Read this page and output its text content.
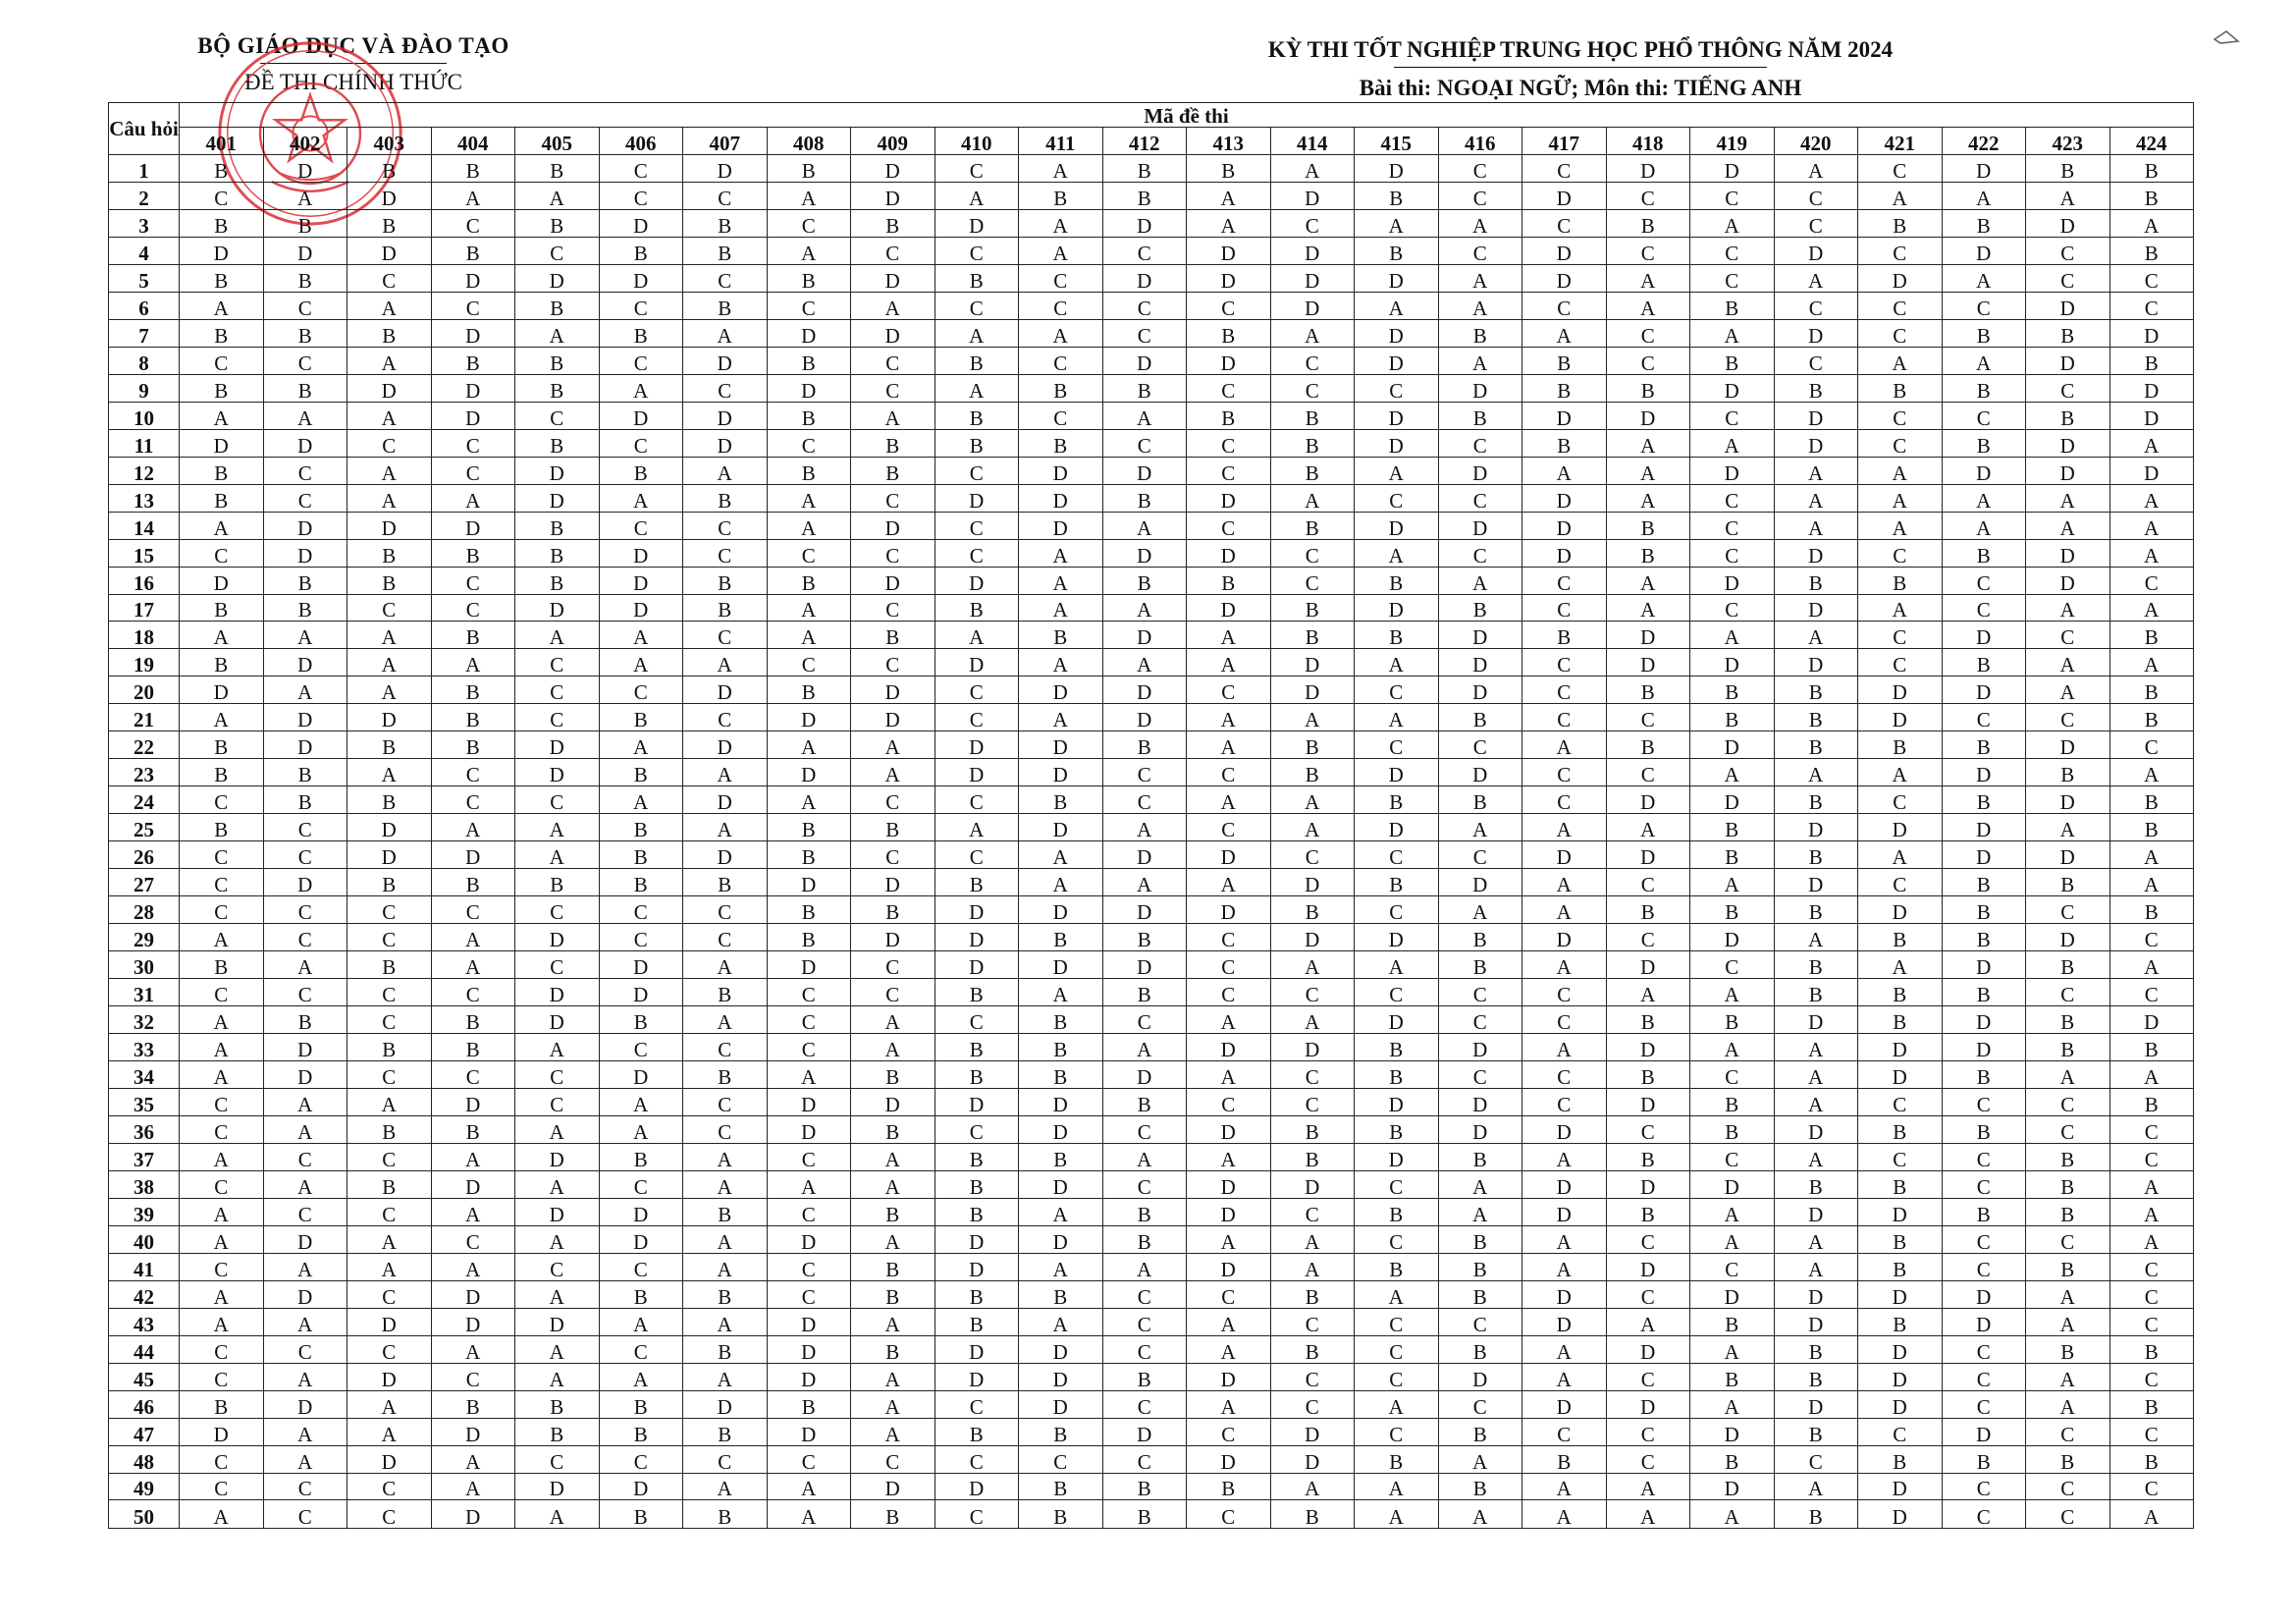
BỘ GIÁO DỤC VÀ ĐÀO TẠO
ĐỀ THI CHÍNH THỨC
KỲ THI TỐT NGHIỆP TRUNG HỌC PHỔ THÔNG NĂM 2024
Bài thi: NGOẠI NGỮ; Môn thi: TIẾNG ANH
Câu hỏi	Mã đề thi																							
	401	402	403	404	405	406	407	408	409	410	411	412	413	414	415	416	417	418	419	420	421	422	423	424
1	B	D	B	B	B	C	D	B	D	C	A	B	B	A	D	C	C	D	D	A	C	D	B	B
2	C	A	D	A	A	C	C	A	D	A	B	B	A	D	B	C	D	C	C	C	A	A	A	B
3	B	B	B	C	B	D	B	C	B	D	A	D	A	C	A	A	C	B	A	C	B	B	D	A
4	D	D	D	B	C	B	B	A	C	C	A	C	D	D	B	C	D	C	C	D	C	D	C	B
5	B	B	C	D	D	D	C	B	D	B	C	D	D	D	D	A	D	A	C	A	D	A	C	C
6	A	C	A	C	B	C	B	C	A	C	C	C	C	D	A	A	C	A	B	C	C	C	D	C
7	B	B	B	D	A	B	A	D	D	A	A	C	B	A	D	B	A	C	A	D	C	B	B	D
8	C	C	A	B	B	C	D	B	C	B	C	D	D	C	D	A	B	C	B	C	A	A	D	B
9	B	B	D	D	B	A	C	D	C	A	B	B	C	C	C	D	B	B	D	B	B	B	C	D
10	A	A	A	D	C	D	D	B	A	B	C	A	B	B	D	B	D	D	C	D	C	C	B	D
11	D	D	C	C	B	C	D	C	B	B	B	C	C	B	D	C	B	A	A	D	C	B	D	A
12	B	C	A	C	D	B	A	B	B	C	D	D	C	B	A	D	A	A	D	A	A	D	D	D
13	B	C	A	A	D	A	B	A	C	D	D	B	D	A	C	C	D	A	C	A	A	A	A	A
14	A	D	D	D	B	C	C	A	D	C	D	A	C	B	D	D	D	B	C	A	A	A	A	A
15	C	D	B	B	B	D	C	C	C	C	A	D	D	C	A	C	D	B	C	D	C	B	D	A
16	D	B	B	C	B	D	B	B	D	D	A	B	B	C	B	A	C	A	D	B	B	C	D	C
17	B	B	C	C	D	D	B	A	C	B	A	A	D	B	D	B	C	A	C	D	A	C	A	A
18	A	A	A	B	A	A	C	A	B	A	B	D	A	B	B	D	B	D	A	A	C	D	C	B
19	B	D	A	A	C	A	A	C	C	D	A	A	A	D	A	D	C	D	D	D	C	B	A	A
20	D	A	A	B	C	C	D	B	D	C	D	D	C	D	C	D	C	B	B	B	D	D	A	B
21	A	D	D	B	C	B	C	D	D	C	A	D	A	A	A	B	C	C	B	B	D	C	C	B
22	B	D	B	B	D	A	D	A	A	D	D	B	A	B	C	C	A	B	D	B	B	B	D	C
23	B	B	A	C	D	B	A	D	A	D	D	C	C	B	D	D	C	C	A	A	A	D	B	A
24	C	B	B	C	C	A	D	A	C	C	B	C	A	A	B	B	C	D	D	B	C	B	D	B
25	B	C	D	A	A	B	A	B	B	A	D	A	C	A	D	A	A	A	B	D	D	D	A	B
26	C	C	D	D	A	B	D	B	C	C	A	D	D	C	C	C	D	D	B	B	A	D	D	A
27	C	D	B	B	B	B	B	D	D	B	A	A	A	D	B	D	A	C	A	D	C	B	B	A
28	C	C	C	C	C	C	C	B	B	D	D	D	D	B	C	A	A	B	B	B	D	B	C	B
29	A	C	C	A	D	C	C	B	D	D	B	B	C	D	D	B	D	C	D	A	B	B	D	C
30	B	A	B	A	C	D	A	D	C	D	D	D	C	A	A	B	A	D	C	B	A	D	B	A
31	C	C	C	C	D	D	B	C	C	B	A	B	C	C	C	C	C	A	A	B	B	B	C	C
32	A	B	C	B	D	B	A	C	A	C	B	C	A	A	D	C	C	B	B	D	B	D	B	D
33	A	D	B	B	A	C	C	C	A	B	B	A	D	D	B	D	A	D	A	A	D	D	B	B
34	A	D	C	C	C	D	B	A	B	B	B	D	A	C	B	C	C	B	C	A	D	B	A	A
35	C	A	A	D	C	A	C	D	D	D	D	B	C	C	D	D	C	D	B	A	C	C	C	B
36	C	A	B	B	A	A	C	D	B	C	D	C	D	B	B	D	D	C	B	D	B	B	C	C
37	A	C	C	A	D	B	A	C	A	B	B	A	A	B	D	B	A	B	C	A	C	C	B	C
38	C	A	B	D	A	C	A	A	A	B	D	C	D	D	C	A	D	D	D	B	B	C	B	A
39	A	C	C	A	D	D	B	C	B	B	A	B	D	C	B	A	D	B	A	D	D	B	B	A
40	A	D	A	C	A	D	A	D	A	D	D	B	A	A	C	B	A	C	A	A	B	C	C	A
41	C	A	A	A	C	C	A	C	B	D	A	A	D	A	B	B	A	D	C	A	B	C	B	C
42	A	D	C	D	A	B	B	C	B	B	B	C	C	B	A	B	D	C	D	D	D	D	A	C
43	A	A	D	D	D	A	A	D	A	B	A	C	A	C	C	C	D	A	B	D	B	D	A	C
44	C	C	C	A	A	C	B	D	B	D	D	C	A	B	C	B	A	D	A	B	D	C	B	B
45	C	A	D	C	A	A	A	D	A	D	D	B	D	C	C	D	A	C	B	B	D	C	A	C
46	B	D	A	B	B	B	D	B	A	C	D	C	A	C	A	C	D	D	A	D	D	C	A	B
47	D	A	A	D	B	B	B	D	A	B	B	D	C	D	C	B	C	C	D	B	C	D	C	C
48	C	A	D	A	C	C	C	C	C	C	C	C	D	D	B	A	B	C	B	C	B	B	B	B
49	C	C	C	A	D	D	A	A	D	D	B	B	B	A	A	B	A	A	D	A	D	C	C	C
50	A	C	C	D	A	B	B	A	B	C	B	B	C	B	A	A	A	A	A	B	D	C	C	A
